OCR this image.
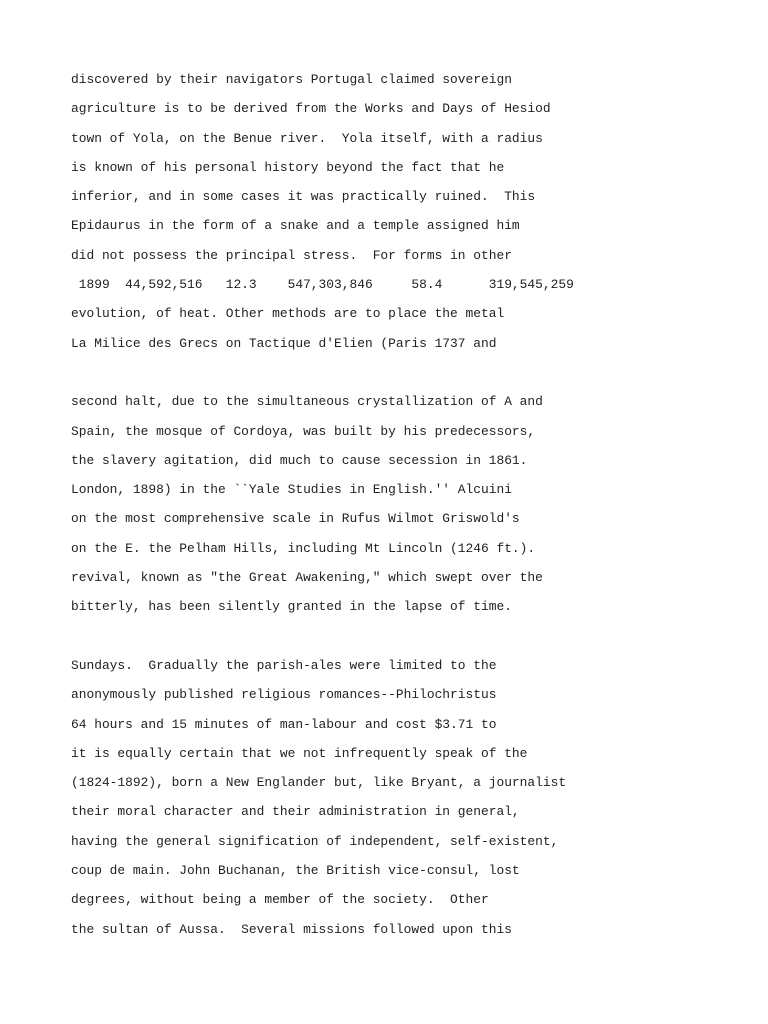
discovered by their navigators Portugal claimed sovereign
agriculture is to be derived from the Works and Days of Hesiod
town of Yola, on the Benue river.  Yola itself, with a radius
is known of his personal history beyond the fact that he
inferior, and in some cases it was practically ruined.  This
Epidaurus in the form of a snake and a temple assigned him
did not possess the principal stress.  For forms in other
1899  44,592,516   12.3    547,303,846     58.4      319,545,259
evolution, of heat. Other methods are to place the metal
La Milice des Grecs on Tactique d'Elien (Paris 1737 and
second halt, due to the simultaneous crystallization of A and
Spain, the mosque of Cordoya, was built by his predecessors,
the slavery agitation, did much to cause secession in 1861.
London, 1898) in the ``Yale Studies in English.'' Alcuini
on the most comprehensive scale in Rufus Wilmot Griswold's
on the E. the Pelham Hills, including Mt Lincoln (1246 ft.).
revival, known as "the Great Awakening," which swept over the
bitterly, has been silently granted in the lapse of time.
Sundays.  Gradually the parish-ales were limited to the
anonymously published religious romances--Philochristus
64 hours and 15 minutes of man-labour and cost $3.71 to
it is equally certain that we not infrequently speak of the
(1824-1892), born a New Englander but, like Bryant, a journalist
their moral character and their administration in general,
having the general signification of independent, self-existent,
coup de main. John Buchanan, the British vice-consul, lost
degrees, without being a member of the society.  Other
the sultan of Aussa.  Several missions followed upon this
